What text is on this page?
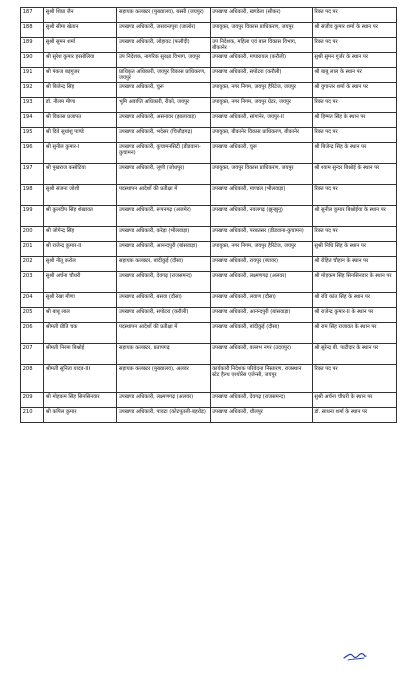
187	सुश्री शिप्रा जैन	सहायक कलक्टर (मुख्यालय), बस्सी (जयपुर)	उपखण्ड अधिकारी, खण्डेला (सीकर)	रिक्त पद पर
188	सुश्री सीमा खेतान	उपखण्ड अधिकारी, जसवन्तपुरा (जालोर)	उपायुक्त, जयपुर विकास प्राधिकरण, जयपुर	श्री संजीव कुमार शर्मा के स्थान पर
189	सुश्री सुमन शर्मा	उपखण्ड अधिकारी, लोहावट (फलौदी)	उप निदेशक, महिला एवं बाल विकास विभाग, बीकानेर	रिक्त पद पर
190	श्री सुरेश कुमार हरसोलिया	उप निदेशक, नागरिक सुरक्षा विभाग, जयपुर	उपखण्ड अधिकारी, मण्डरायल (करौली)	सुश्री सुमन गुर्जर के स्थान पर
191	श्री पंकज बड़गुजर	प्राधिकृत अधिकारी, जयपुर विकास प्राधिकरण, जयपुर	उपखण्ड अधिकारी, सपोटरा (करौली)	श्री बाबू लाल के स्थान पर
192	श्री बिजेन्द्र सिंह	उपखण्ड अधिकारी, चुरू	उपायुक्त, नगर निगम, जयपुर हैरिटेज, जयपुर	श्री युगान्तर शर्मा के स्थान पर
193	डॉ. नीलम मीणा	भूमि अवाप्ति अधिकारी, रीको, जयपुर	उपायुक्त, नगर निगम, जयपुर ग्रेटर, जयपुर	रिक्त पद पर
194	श्री विकास प्रजापत	उपखण्ड अधिकारी, असनावर (झालावाड़)	उपखण्ड अधिकारी, सांगानेर, जयपुर-II	श्री हिम्मत सिंह के स्थान पर
195	श्री दिवे सुधांशु पाण्डे	उपखण्ड अधिकारी, भदेसर (चित्तौड़गढ़)	उपायुक्त, बीकानेर विकास प्राधिकरण, बीकानेर	रिक्त पद पर
196	श्री सुनील कुमार-I	उपखण्ड अधिकारी, कुचामनसिटी (डीडवाना-कुचामन)	उपखण्ड अधिकारी, चुरू	श्री बिजेन्द्र सिंह के स्थान पर
197	श्री पुखराज कसोटिया	उपखण्ड अधिकारी, लूणी (जोधपुर)	उपायुक्त, जयपुर विकास प्राधिकरण, जयपुर	श्री श्याम सुन्दर बिश्नोई के स्थान पर
198	सुश्री संजना जोशी	पदस्थापन आदेशों की प्रतीक्षा में	उपखण्ड अधिकारी, माण्डल (भीलवाड़ा)	रिक्त पद पर
199	श्री कुलदीप सिंह शेखावत	उपखण्ड अधिकारी, रूपनगढ़ (अजमेर)	उपखण्ड अधिकारी, नवलगढ़ (झुन्झुनू)	श्री सुनील कुमार बिश्नोईया के स्थान पर
200	श्री जोगेन्द्र सिंह	उपखण्ड अधिकारी, करेड़ा (भीलवाड़ा)	उपखण्ड अधिकारी, परबतसर (डीडवाना-कुचामन)	रिक्त पद पर
201	श्री राजेन्द्र कुमार-II	उपखण्ड अधिकारी, आनन्दपुरी (बांसवाड़ा)	उपायुक्त, नगर निगम, जयपुर हैरिटेज, जयपुर	सुश्री निधि सिंह के स्थान पर
202	सुश्री नीतू करोल	सहायक कलक्टर, बांदीकुई (दौसा)	उपखण्ड अधिकारी, रायपुर (ब्यावर)	श्री रोहित चौहान के स्थान पर
203	सुश्री अर्चना चौधरी	उपखण्ड अधिकारी, देवगढ़ (राजसमन्द)	उपखण्ड अधिकारी, लक्ष्मणगढ़ (अलवर)	श्री मोहकम सिंह सिनसिनवार के स्थान पर
204	सुश्री रेखा मीणा	उपखण्ड अधिकारी, बसवा (दौसा)	उपखण्ड अधिकारी, लवाण (दौसा)	श्री रवि कांत सिंह के स्थान पर
205	श्री बाबू लाल	उपखण्ड अधिकारी, सपोटरा (करौली)	उपखण्ड अधिकारी, आनन्दपुरी (बांसवाड़ा)	श्री राजेन्द्र कुमार-II के स्थान पर
206	श्रीमती प्रीति चक	पदस्थापन आदेशों की प्रतीक्षा में	उपखण्ड अधिकारी, बांदीकुई (दौसा)	श्री राम सिंह राजावत के स्थान पर
207	श्रीमती निरमा बिश्नोई	सहायक कलक्टर, प्रतापगढ़	उपखण्ड अधिकारी, वल्लभ नगर (उदयपुर)	श्री सुरेन्द्र बी. पाटीदार के स्थान पर
208	श्रीमती सुनिता यादव-III	सहायक कलक्टर (मुख्यालय), अलवर	कार्यकारी निदेशक परिवेदना निस्तारण, राजस्थान स्टेट हैल्थ एश्योरेंस एजेन्सी, जयपुर	रिक्त पद पर
209	श्री मोहकम सिंह सिनसिनवार	उपखण्ड अधिकारी, लक्ष्मणगढ़ (अलवर)	उपखण्ड अधिकारी, देवगढ़ (राजसमन्द)	सुश्री अर्चना चौधरी के स्थान पर
210	श्री कपिल कुमार	उपखण्ड अधिकारी, पावटा (कोटपूतली-बहरोड़)	उपखण्ड अधिकारी, धौलपुर	डॉ. साधना शर्मा के स्थान पर
